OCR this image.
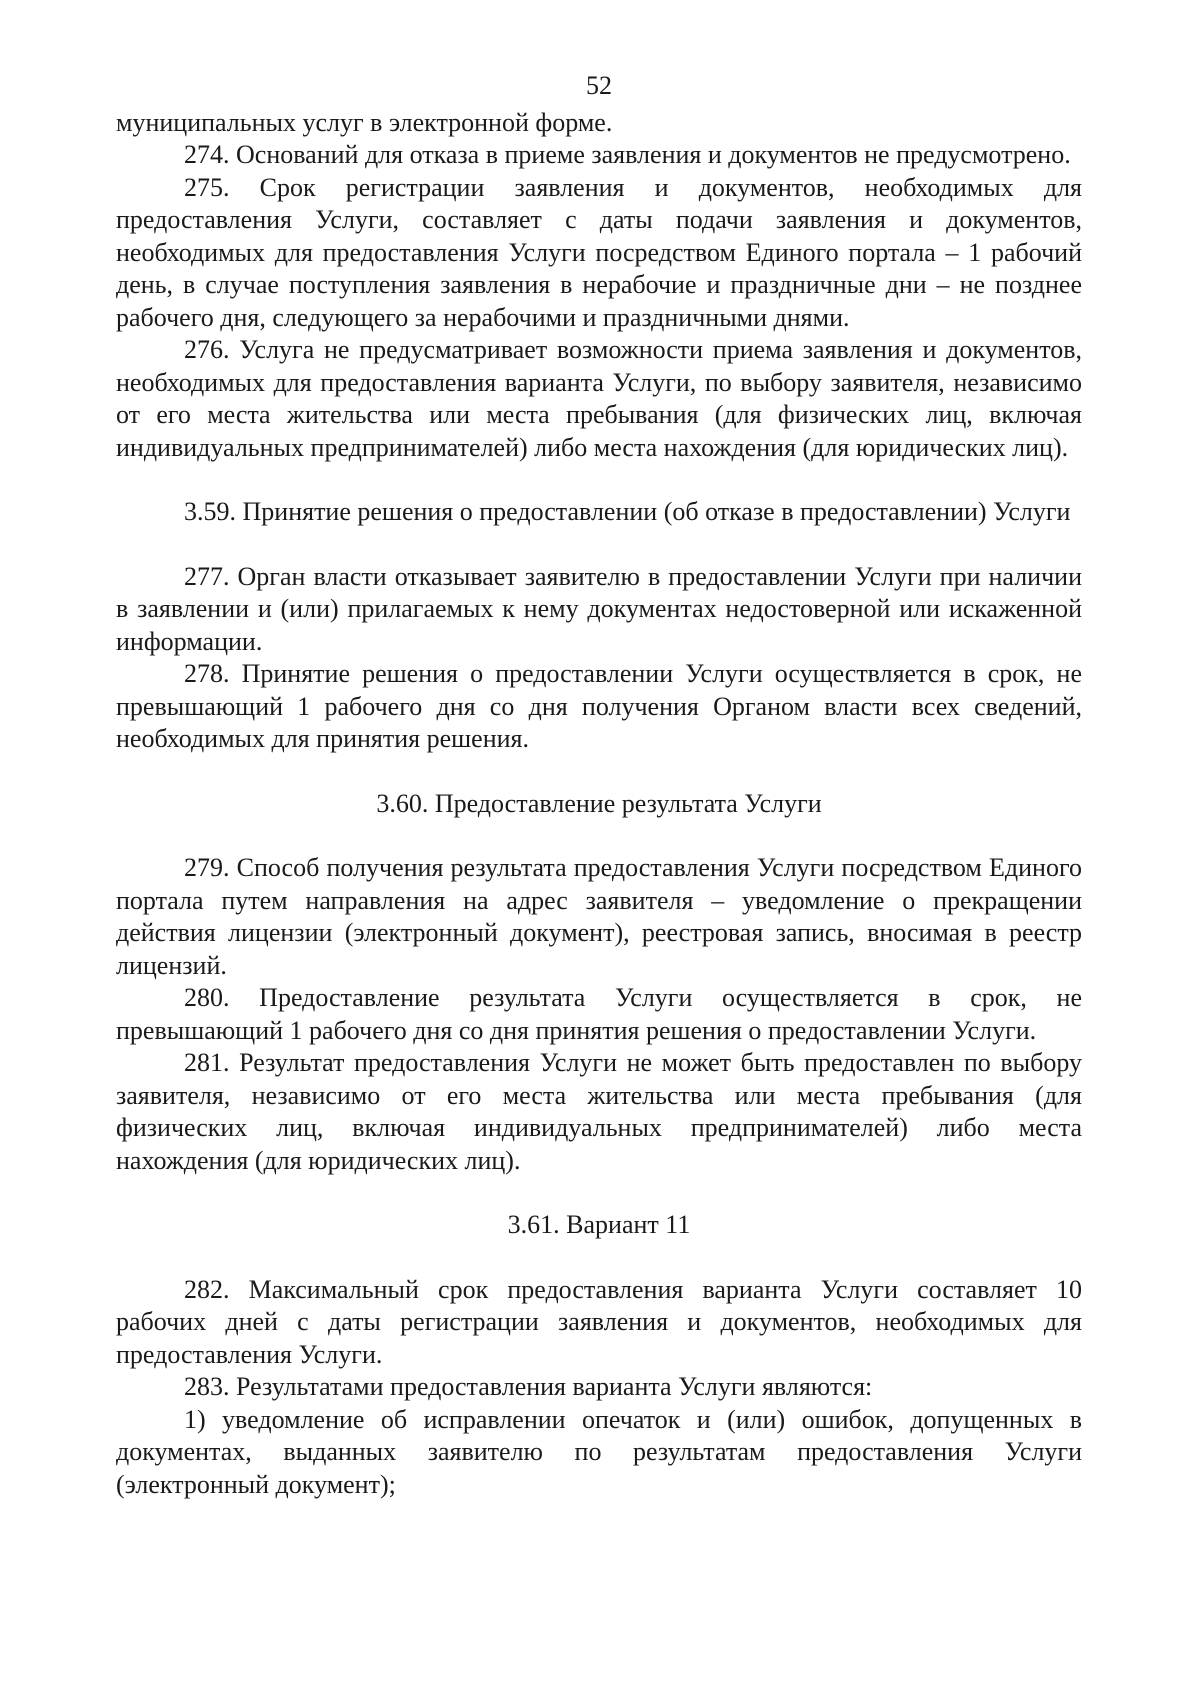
52

муниципальных услуг в электронной форме.

274. Оснований для отказа в приеме заявления и документов не предусмотрено.

275. Срок регистрации заявления и документов, необходимых для предоставления Услуги, составляет с даты подачи заявления и документов, необходимых для предоставления Услуги посредством Единого портала – 1 рабочий день, в случае поступления заявления в нерабочие и праздничные дни – не позднее рабочего дня, следующего за нерабочими и праздничными днями.

276. Услуга не предусматривает возможности приема заявления и документов, необходимых для предоставления варианта Услуги, по выбору заявителя, независимо от его места жительства или места пребывания (для физических лиц, включая индивидуальных предпринимателей) либо места нахождения (для юридических лиц).

3.59. Принятие решения о предоставлении (об отказе в предоставлении) Услуги

277. Орган власти отказывает заявителю в предоставлении Услуги при наличии в заявлении и (или) прилагаемых к нему документах недостоверной или искаженной информации.

278. Принятие решения о предоставлении Услуги осуществляется в срок, не превышающий 1 рабочего дня со дня получения Органом власти всех сведений, необходимых для принятия решения.

3.60. Предоставление результата Услуги

279. Способ получения результата предоставления Услуги посредством Единого портала путем направления на адрес заявителя – уведомление о прекращении действия лицензии (электронный документ), реестровая запись, вносимая в реестр лицензий.

280. Предоставление результата Услуги осуществляется в срок, не превышающий 1 рабочего дня со дня принятия решения о предоставлении Услуги.

281. Результат предоставления Услуги не может быть предоставлен по выбору заявителя, независимо от его места жительства или места пребывания (для физических лиц, включая индивидуальных предпринимателей) либо места нахождения (для юридических лиц).

3.61. Вариант 11

282. Максимальный срок предоставления варианта Услуги составляет 10 рабочих дней с даты регистрации заявления и документов, необходимых для предоставления Услуги.

283. Результатами предоставления варианта Услуги являются:

1) уведомление об исправлении опечаток и (или) ошибок, допущенных в документах, выданных заявителю по результатам предоставления Услуги (электронный документ);
